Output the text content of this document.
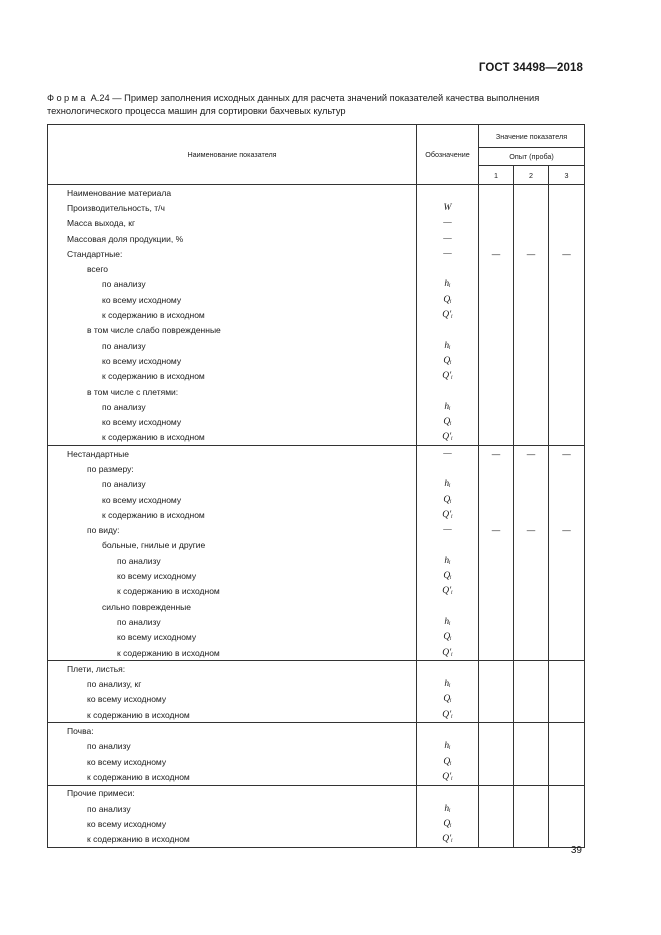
ГОСТ 34498—2018
Форма А.24 — Пример заполнения исходных данных для расчета значений показателей качества выполнения технологического процесса машин для сортировки бахчевых культур
Наименование показателя	Обозначение	Значение показателя		
		Опыт (проба)		
		1	2	3
Наименование материала				
Производительность, т/ч	W			
Масса выхода, кг	—			
Массовая доля продукции, %	—			
Стандартные:	—	—	—	—
всего				
по анализу	hᵢ			
ко всему исходному	Qᵢ			
к содержанию в исходном	Q'ᵢ			
в том числе слабо поврежденные				
по анализу	hᵢ			
ко всему исходному	Qᵢ			
к содержанию в исходном	Q'ᵢ			
в том числе с плетями:				
по анализу	hᵢ			
ко всему исходному	Qᵢ			
к содержанию в исходном	Q'ᵢ			
Нестандартные	—	—	—	—
по размеру:				
по анализу	hᵢ			
ко всему исходному	Qᵢ			
к содержанию в исходном	Q'ᵢ			
по виду:	—	—	—	—
больные, гнилые и другие				
по анализу	hᵢ			
ко всему исходному	Qᵢ			
к содержанию в исходном	Q'ᵢ			
сильно поврежденные				
по анализу	hᵢ			
ко всему исходному	Qᵢ			
к содержанию в исходном	Q'ᵢ			
Плети, листья:				
по анализу, кг	hᵢ			
ко всему исходному	Qᵢ			
к содержанию в исходном	Q'ᵢ			
Почва:				
по анализу	hᵢ			
ко всему исходному	Qᵢ			
к содержанию в исходном	Q'ᵢ			
Прочие примеси:				
по анализу	hᵢ			
ко всему исходному	Qᵢ			
к содержанию в исходном	Q'ᵢ			
39
